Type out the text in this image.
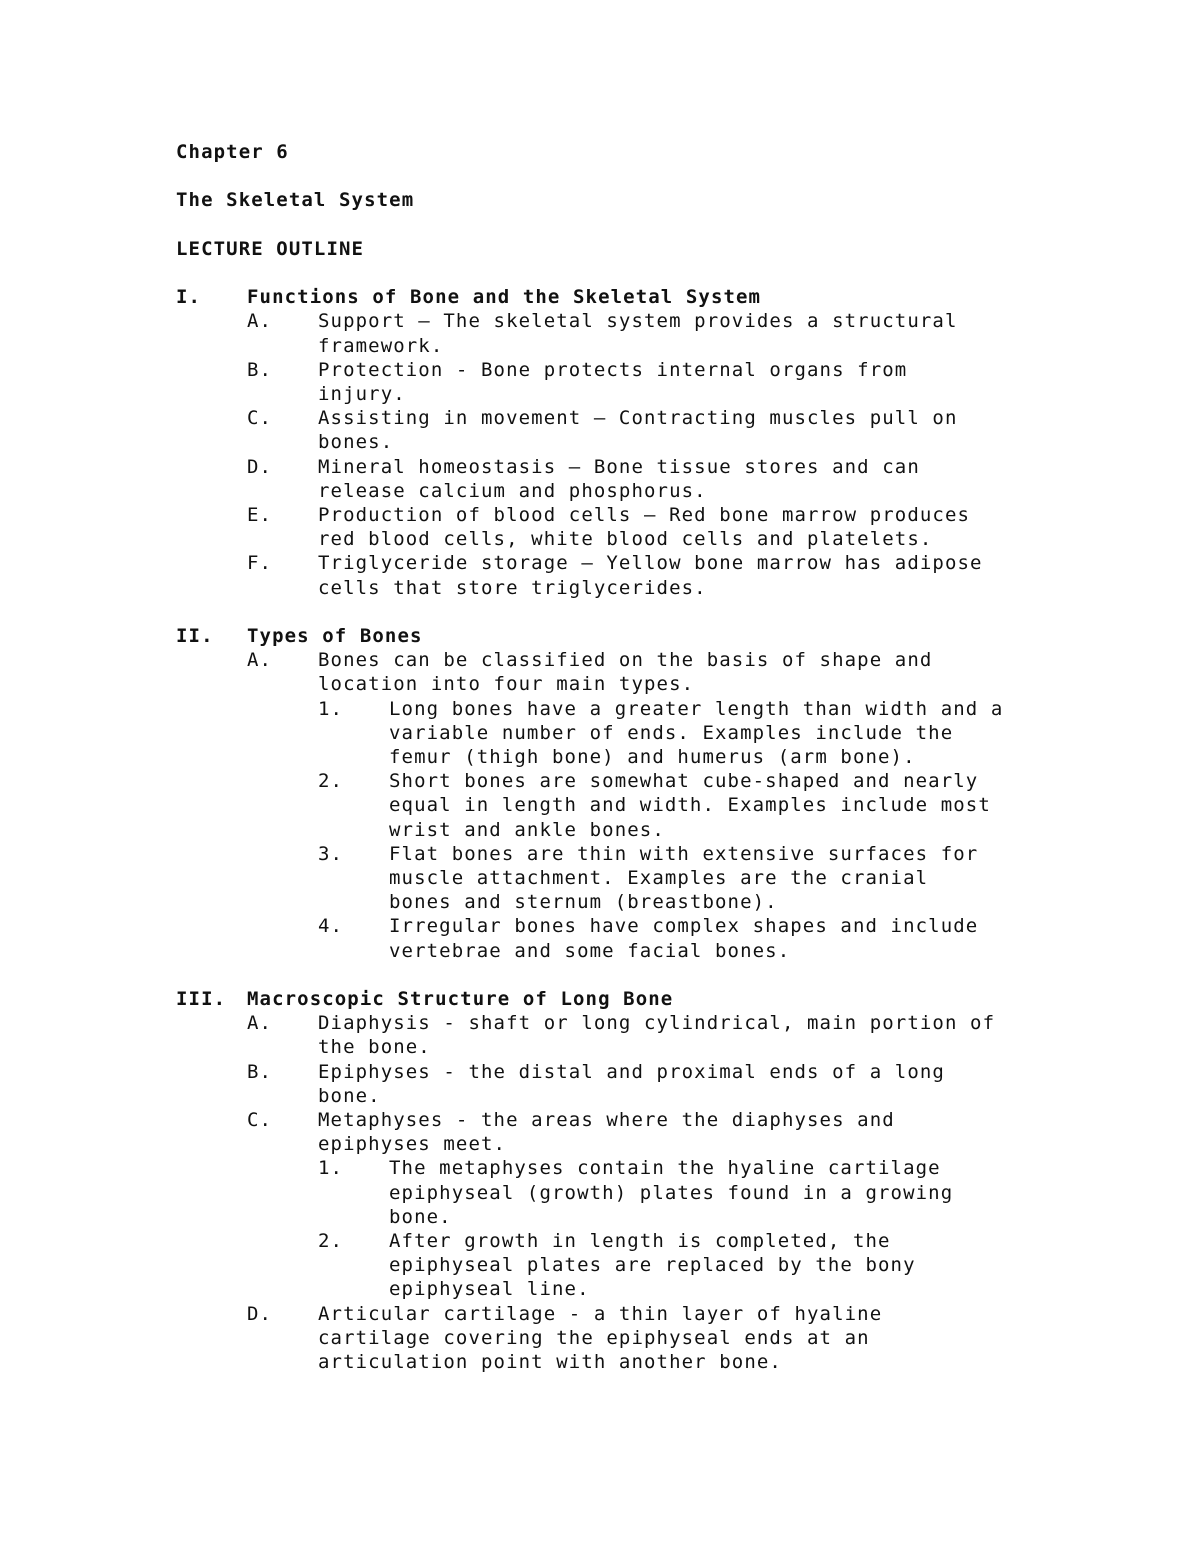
Chapter 6
The Skeletal System
LECTURE OUTLINE
I.	Functions of Bone and the Skeletal System
A.	Support – The skeletal system provides a structural
framework.
B.	Protection - Bone protects internal organs from
injury.
C.	Assisting in movement – Contracting muscles pull on
bones.
D.	Mineral homeostasis – Bone tissue stores and can
release calcium and phosphorus.
E.	Production of blood cells – Red bone marrow produces
red blood cells, white blood cells and platelets.
F.	Triglyceride storage – Yellow bone marrow has adipose
cells that store triglycerides.
II.	Types of Bones
A.	Bones can be classified on the basis of shape and
location into four main types.
1.	Long bones have a greater length than width and a
variable number of ends. Examples include the
femur (thigh bone) and humerus (arm bone).
2.	Short bones are somewhat cube-shaped and nearly
equal in length and width. Examples include most
wrist and ankle bones.
3.	Flat bones are thin with extensive surfaces for
muscle attachment. Examples are the cranial
bones and sternum (breastbone).
4.	Irregular bones have complex shapes and include
vertebrae and some facial bones.
III.	Macroscopic Structure of Long Bone
A.	Diaphysis - shaft or long cylindrical, main portion of
the bone.
B.	Epiphyses - the distal and proximal ends of a long
bone.
C.	Metaphyses - the areas where the diaphyses and
epiphyses meet.
1.	The metaphyses contain the hyaline cartilage
epiphyseal (growth) plates found in a growing
bone.
2.	After growth in length is completed, the
epiphyseal plates are replaced by the bony
epiphyseal line.
D.	Articular cartilage - a thin layer of hyaline
cartilage covering the epiphyseal ends at an
articulation point with another bone.
